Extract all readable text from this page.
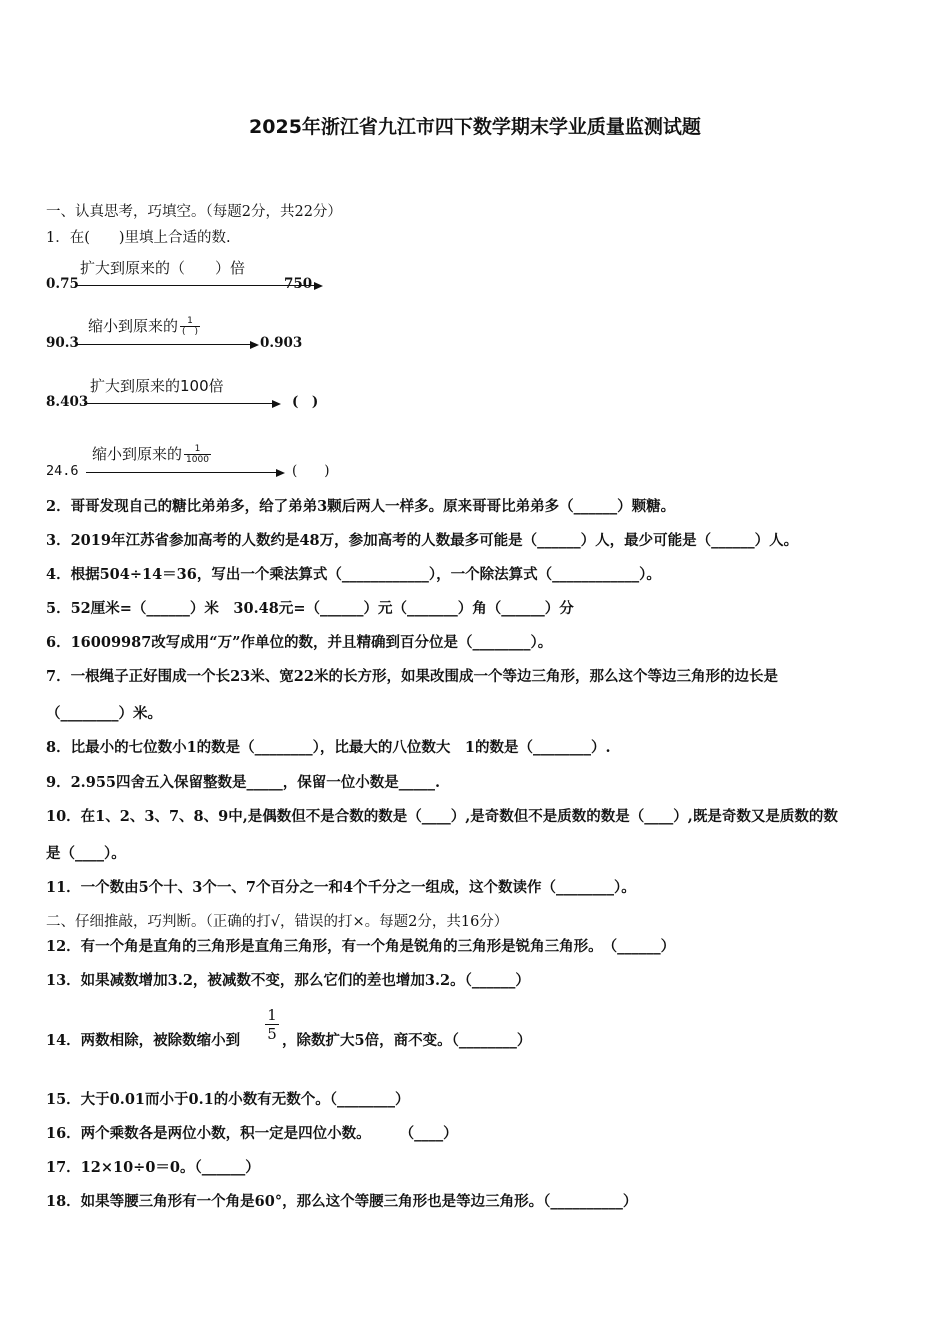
2025年浙江省九江市四下数学期末学业质量监测试题
一、认真思考，巧填空。（每题2分，共22分）
1．在(　　)里填上合适的数.
0.75
扩大到原来的（　　）倍
750
90.3
缩小到原来的 $\frac{1}{( )}$
0.903
8.403
扩大到原来的100倍
(　)
24.6
缩小到原来的 $\frac{1}{1000}$
(　　)
2．哥哥发现自己的糖比弟弟多，给了弟弟3颗后两人一样多。原来哥哥比弟弟多（______）颗糖。
3．2019年江苏省参加高考的人数约是48万，参加高考的人数最多可能是（______）人，最少可能是（______）人。
4．根据504÷14＝36，写出一个乘法算式（____________），一个除法算式（____________）。
5．52厘米=（______）米　30.48元=（______）元（_______）角（______）分
6．16009987改写成用“万”作单位的数，并且精确到百分位是（________）。
7．一根绳子正好围成一个长23米、宽22米的长方形，如果改围成一个等边三角形，那么这个等边三角形的边长是
（________）米。
8．比最小的七位数小1的数是（________），比最大的八位数大　1的数是（________）.
9．2.955四舍五入保留整数是_____，保留一位小数是_____.
10．在1、2、3、7、8、9中,是偶数但不是合数的数是（____）,是奇数但不是质数的数是（____）,既是奇数又是质数的数
是（____）。
11．一个数由5个十、3个一、7个百分之一和4个千分之一组成，这个数读作（________）。
二、仔细推敲，巧判断。（正确的打√，错误的打×。每题2分，共16分）
12．有一个角是直角的三角形是直角三角形，有一个角是锐角的三角形是锐角三角形。　（______）
13．如果减数增加3.2，被减数不变，那么它们的差也增加3.2。（______）
14．两数相除，被除数缩小到 $\frac{1}{5}$ ，除数扩大5倍，商不变。（________）
15．大于0.01而小于0.1的小数有无数个。（________）
16．两个乘数各是两位小数，积一定是四位小数。　　　（____）
17．12×10÷0＝0。（______）
18．如果等腰三角形有一个角是60°，那么这个等腰三角形也是等边三角形。（__________）
